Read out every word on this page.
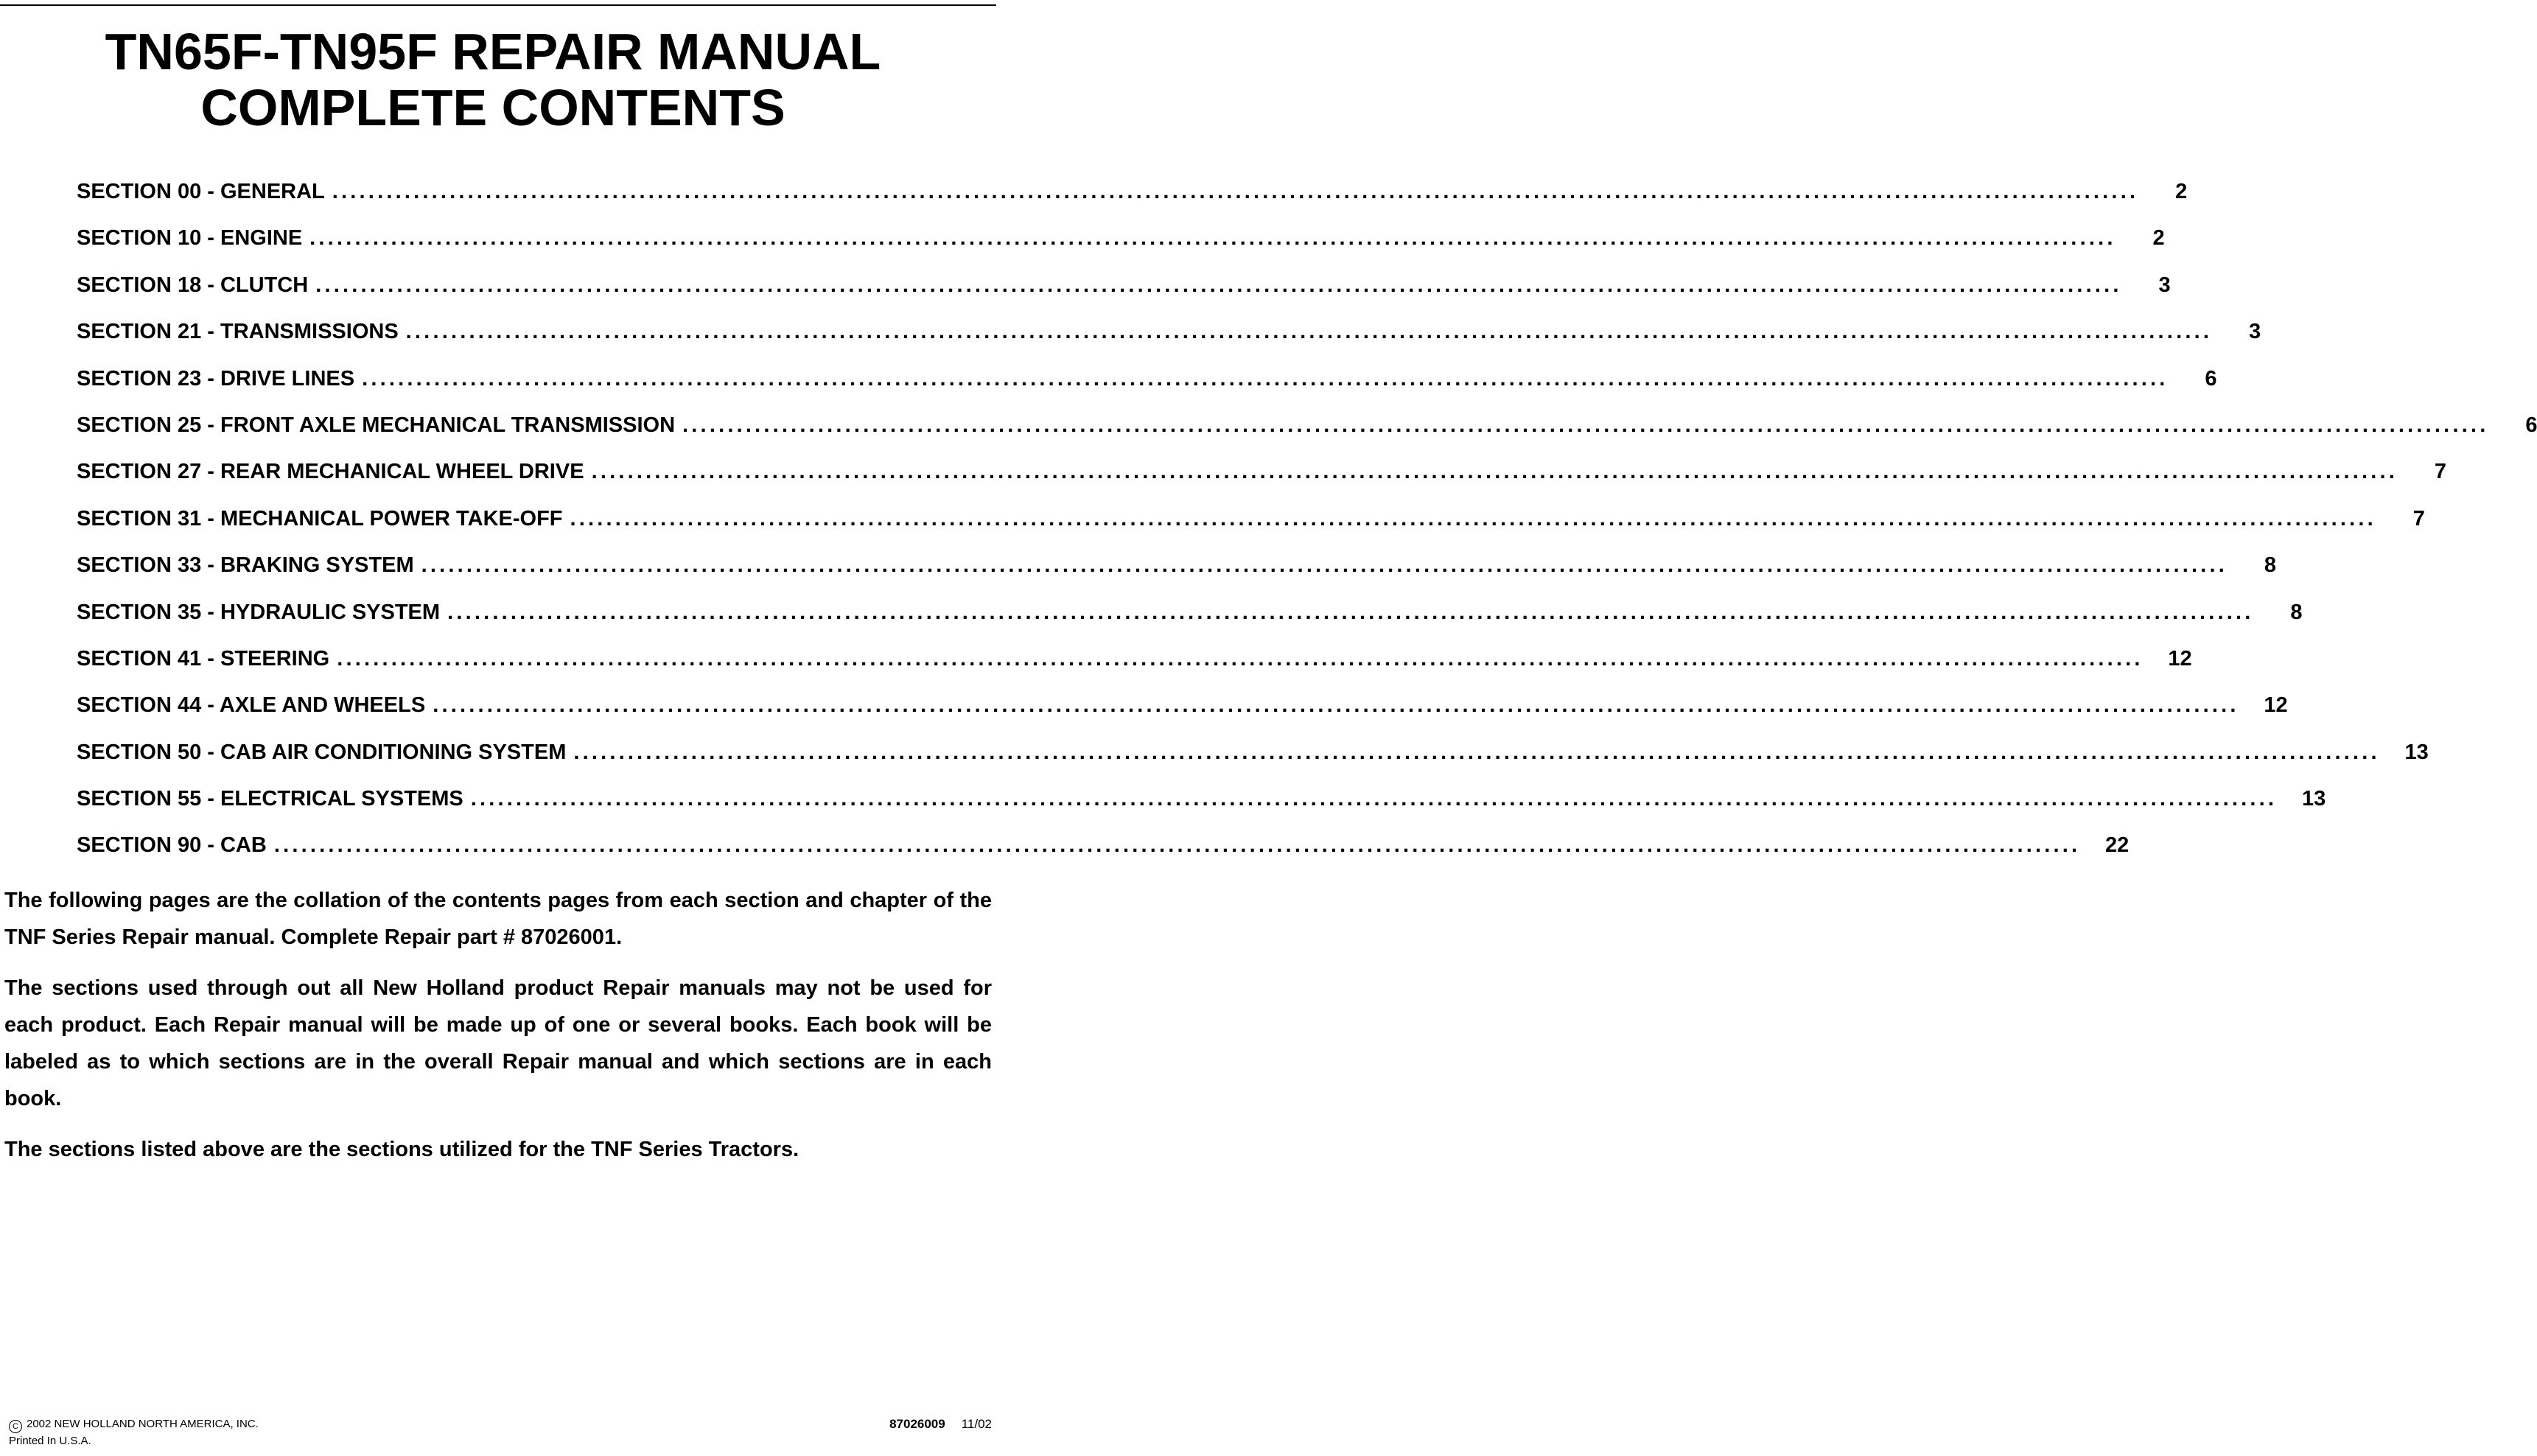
TN65F-TN95F REPAIR MANUAL
COMPLETE CONTENTS
SECTION 00 - GENERAL ........................................................................................................................................................................................................	2
SECTION 10 - ENGINE ........................................................................................................................................................................................................	2
SECTION 18 - CLUTCH ........................................................................................................................................................................................................	3
SECTION 21 - TRANSMISSIONS ........................................................................................................................................................................................................	3
SECTION 23 - DRIVE LINES ........................................................................................................................................................................................................	6
SECTION 25 - FRONT AXLE MECHANICAL TRANSMISSION ........................................................................................................................................................................................................	6
SECTION 27 - REAR MECHANICAL WHEEL DRIVE ........................................................................................................................................................................................................	7
SECTION 31 - MECHANICAL POWER TAKE-OFF ........................................................................................................................................................................................................	7
SECTION 33 - BRAKING SYSTEM ........................................................................................................................................................................................................	8
SECTION 35 - HYDRAULIC SYSTEM ........................................................................................................................................................................................................	8
SECTION 41 - STEERING ........................................................................................................................................................................................................	12
SECTION 44 - AXLE AND WHEELS ........................................................................................................................................................................................................	12
SECTION 50 - CAB AIR CONDITIONING SYSTEM ........................................................................................................................................................................................................	13
SECTION 55 - ELECTRICAL SYSTEMS ........................................................................................................................................................................................................	13
SECTION 90 - CAB ........................................................................................................................................................................................................	22
The following pages are the collation of the contents pages from each section and chapter of the TNF Series Repair manual. Complete Repair part # 87026001.
The sections used through out all New Holland product Repair manuals may not be used for each product. Each Repair manual will be made up of one or several books. Each book will be labeled as to which sections are in the overall Repair manual and which sections are in each book.
The sections listed above are the sections utilized for the TNF Series Tractors.
C 2002 NEW HOLLAND NORTH AMERICA, INC.
Printed In U.S.A.
87026009 11/02
